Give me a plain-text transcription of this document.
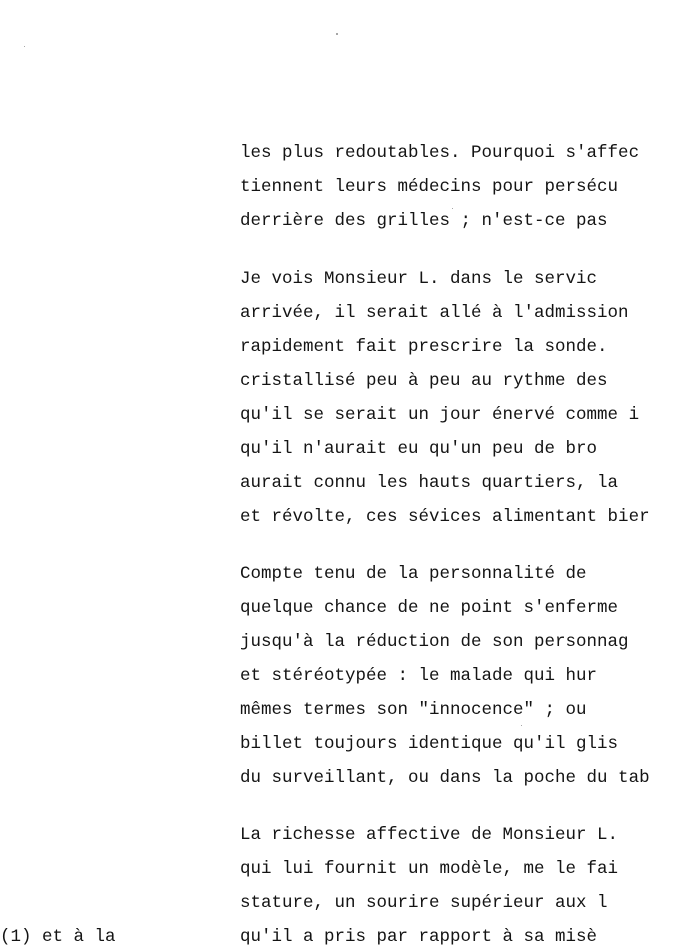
les plus redoutables. Pourquoi s'affec
tiennent leurs médecins pour persécu
derrière des grilles ; n'est-ce pas
Je vois Monsieur L. dans le servic
arrivée, il serait allé à l'admission
rapidement fait prescrire la sonde.
cristallisé peu à peu au rythme des
qu'il se serait un jour énervé comme i
qu'il n'aurait eu qu'un peu de bro
aurait connu les hauts quartiers, la
et révolte, ces sévices alimentant bier
Compte tenu de la personnalité de
quelque chance de ne point s'enferme
jusqu'à la réduction de son personnag
et stéréotypée : le malade qui hur
mêmes termes son "innocence" ; ou
billet toujours identique qu'il glis
du surveillant, ou dans la poche du tab
La richesse affective de Monsieur L.
qui lui fournit un modèle, me le fai
stature, un sourire supérieur aux l
qu'il a pris par rapport à sa misè
(1) et à la
